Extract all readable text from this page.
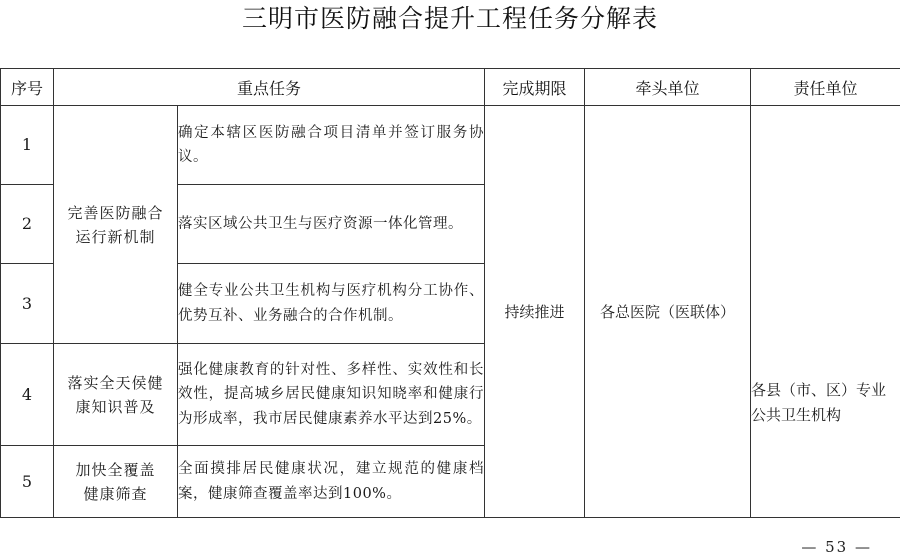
三明市医防融合提升工程任务分解表
序号	重点任务		完成期限	牵头单位	责任单位
1	完善医防融合运行新机制	确定本辖区医防融合项目清单并签订服务协议。	持续推进	各总医院（医联体）	各县（市、区）专业公共卫生机构

2		落实区域公共卫生与医疗资源一体化管理。			
3		健全专业公共卫生机构与医疗机构分工协作、优势互补、业务融合的合作机制。			
4	落实全天侯健康知识普及	强化健康教育的针对性、多样性、实效性和长效性，提高城乡居民健康知识知晓率和健康行为形成率，我市居民健康素养水平达到25%。			
5	加快全覆盖健康筛查	全面摸排居民健康状况，建立规范的健康档案，健康筛查覆盖率达到100%。			
— 53 —
